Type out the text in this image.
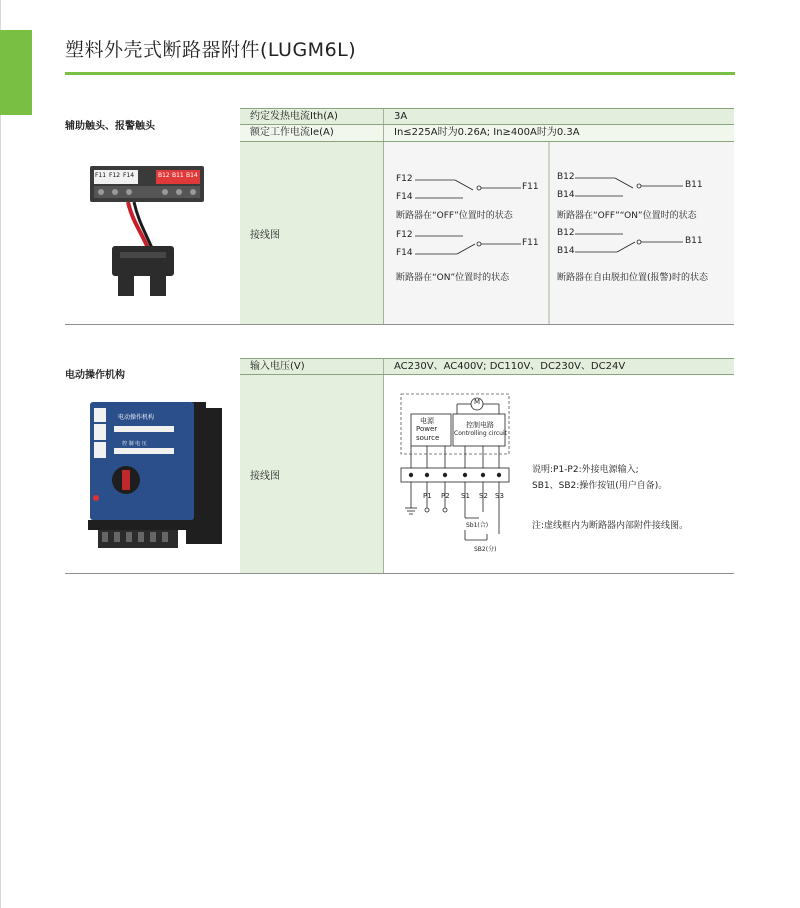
塑料外壳式断路器附件(LUGM6L)
辅助触头、报警触头
F11 F12 F14	B12 B11 B14
约定发热电流Ith(A)	3A
额定工作电流Ie(A)	In≤225A时为0.26A; In≥400A时为0.3A
接线图
F12
F11
F14
断路器在“OFF”位置时的状态
F12
F11
F14
断路器在“ON”位置时的状态
B12
B11
B14
断路器在“OFF”“ON”位置时的状态
B12
B11
B14
断路器在自由脱扣位置(报警)时的状态
电动操作机构
电动操作机构
控 制 电 压
输入电压(V)	AC230V、AC400V; DC110V、DC230V、DC24V
接线图
M
电源
Power
source
控制电路
Controlling circuit
P1 P2 S1 S2 S3
Sb1(合)
SB2(分)
说明:P1-P2:外接电源输入;
SB1、SB2:操作按钮(用户自备)。
注:虚线框内为断路器内部附件接线图。
